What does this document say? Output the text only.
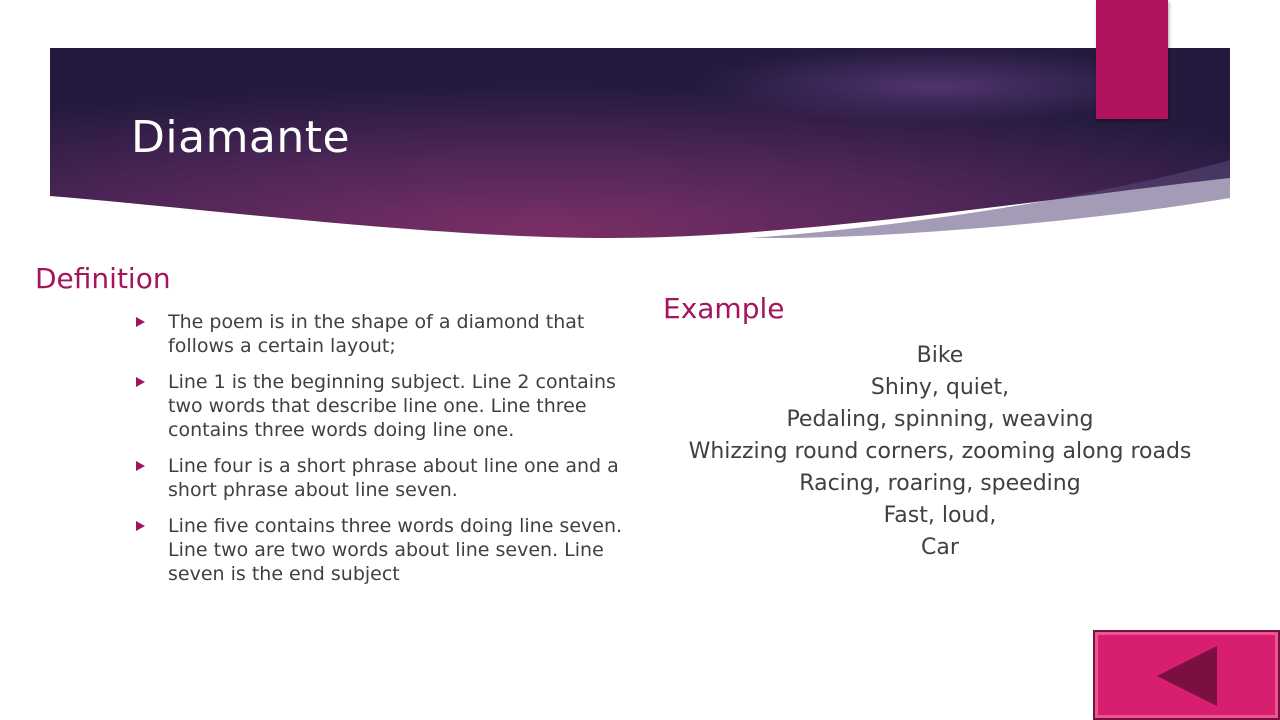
Diamante
Definition
The poem is in the shape of a diamond that follows a certain layout;
Line 1 is the beginning subject. Line 2 contains two words that describe line one. Line three contains three words doing line one.
Line four is a short phrase about line one and a short phrase about line seven.
Line five contains three words doing line seven. Line two are two words about line seven. Line seven is the end subject
Example
Bike
Shiny, quiet,
Pedaling, spinning, weaving
Whizzing round corners, zooming along roads
Racing, roaring, speeding
Fast, loud,
Car
